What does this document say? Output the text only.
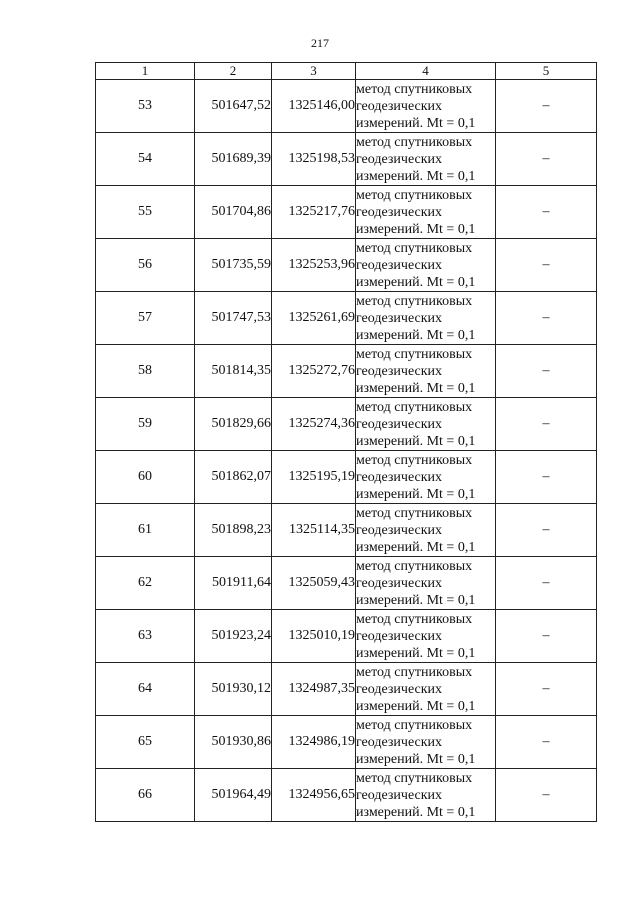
217
1	2	3	4	5
53	501647,52	1325146,00	метод спутниковых
геодезических
измерений. Mt = 0,1	–
54	501689,39	1325198,53	метод спутниковых
геодезических
измерений. Mt = 0,1	–
55	501704,86	1325217,76	метод спутниковых
геодезических
измерений. Mt = 0,1	–
56	501735,59	1325253,96	метод спутниковых
геодезических
измерений. Mt = 0,1	–
57	501747,53	1325261,69	метод спутниковых
геодезических
измерений. Mt = 0,1	–
58	501814,35	1325272,76	метод спутниковых
геодезических
измерений. Mt = 0,1	–
59	501829,66	1325274,36	метод спутниковых
геодезических
измерений. Mt = 0,1	–
60	501862,07	1325195,19	метод спутниковых
геодезических
измерений. Mt = 0,1	–
61	501898,23	1325114,35	метод спутниковых
геодезических
измерений. Mt = 0,1	–
62	501911,64	1325059,43	метод спутниковых
геодезических
измерений. Mt = 0,1	–
63	501923,24	1325010,19	метод спутниковых
геодезических
измерений. Mt = 0,1	–
64	501930,12	1324987,35	метод спутниковых
геодезических
измерений. Mt = 0,1	–
65	501930,86	1324986,19	метод спутниковых
геодезических
измерений. Mt = 0,1	–
66	501964,49	1324956,65	метод спутниковых
геодезических
измерений. Mt = 0,1	–
